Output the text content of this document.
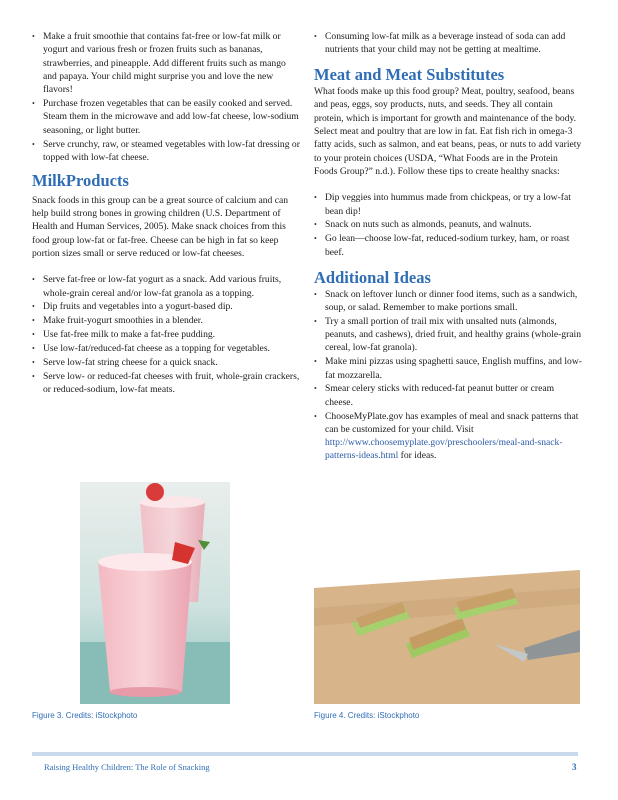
• Make a fruit smoothie that contains fat-free or low-fat milk or yogurt and various fresh or frozen fruits such as bananas, strawberries, and pineapple. Add different fruits such as mango and papaya. Your child might surprise you and love the new flavors!
• Purchase frozen vegetables that can be easily cooked and served. Steam them in the microwave and add low-fat cheese, low-sodium seasoning, or light butter.
• Serve crunchy, raw, or steamed vegetables with low-fat dressing or topped with low-fat cheese.
MilkProducts

Snack foods in this group can be a great source of calcium and can help build strong bones in growing children (U.S. Department of Health and Human Services, 2005). Make snack choices from this food group low-fat or fat-free. Cheese can be high in fat so keep portion sizes small or serve reduced or low-fat cheeses.

• Serve fat-free or low-fat yogurt as a snack. Add various fruits, whole-grain cereal and/or low-fat granola as a topping.
• Dip fruits and vegetables into a yogurt-based dip.
• Make fruit-yogurt smoothies in a blender.
• Use fat-free milk to make a fat-free pudding.
• Use low-fat/reduced-fat cheese as a topping for vegetables.
• Serve low-fat string cheese for a quick snack.
• Serve low- or reduced-fat cheeses with fruit, whole-grain crackers, or reduced-sodium, low-fat meats.
• Consuming low-fat milk as a beverage instead of soda can add nutrients that your child may not be getting at mealtime.
Meat and Meat Substitutes

What foods make up this food group? Meat, poultry, seafood, beans and peas, eggs, soy products, nuts, and seeds. They all contain protein, which is important for growth and maintenance of the body. Select meat and poultry that are low in fat. Eat fish rich in omega-3 fatty acids, such as salmon, and eat beans, peas, or nuts to add variety to your protein choices (USDA, “What Foods are in the Protein Foods Group?” n.d.). Follow these tips to create healthy snacks:

• Dip veggies into hummus made from chickpeas, or try a low-fat bean dip!
• Snack on nuts such as almonds, peanuts, and walnuts.
• Go lean—choose low-fat, reduced-sodium turkey, ham, or roast beef.
Additional Ideas
• Snack on leftover lunch or dinner food items, such as a sandwich, soup, or salad. Remember to make portions small.
• Try a small portion of trail mix with unsalted nuts (almonds, peanuts, and cashews), dried fruit, and healthy grains (whole-grain cereal, low-fat granola).
• Make mini pizzas using spaghetti sauce, English muffins, and low-fat mozzarella.
• Smear celery sticks with reduced-fat peanut butter or cream cheese.
• ChooseMyPlate.gov has examples of meal and snack patterns that can be customized for your child. Visit http://www.choosemyplate.gov/preschoolers/meal-and-snack-patterns-ideas.html for ideas.
Figure 3. Credits: iStockphoto	Figure 4. Credits: iStockphoto
Raising Healthy Children: The Role of Snacking	3
